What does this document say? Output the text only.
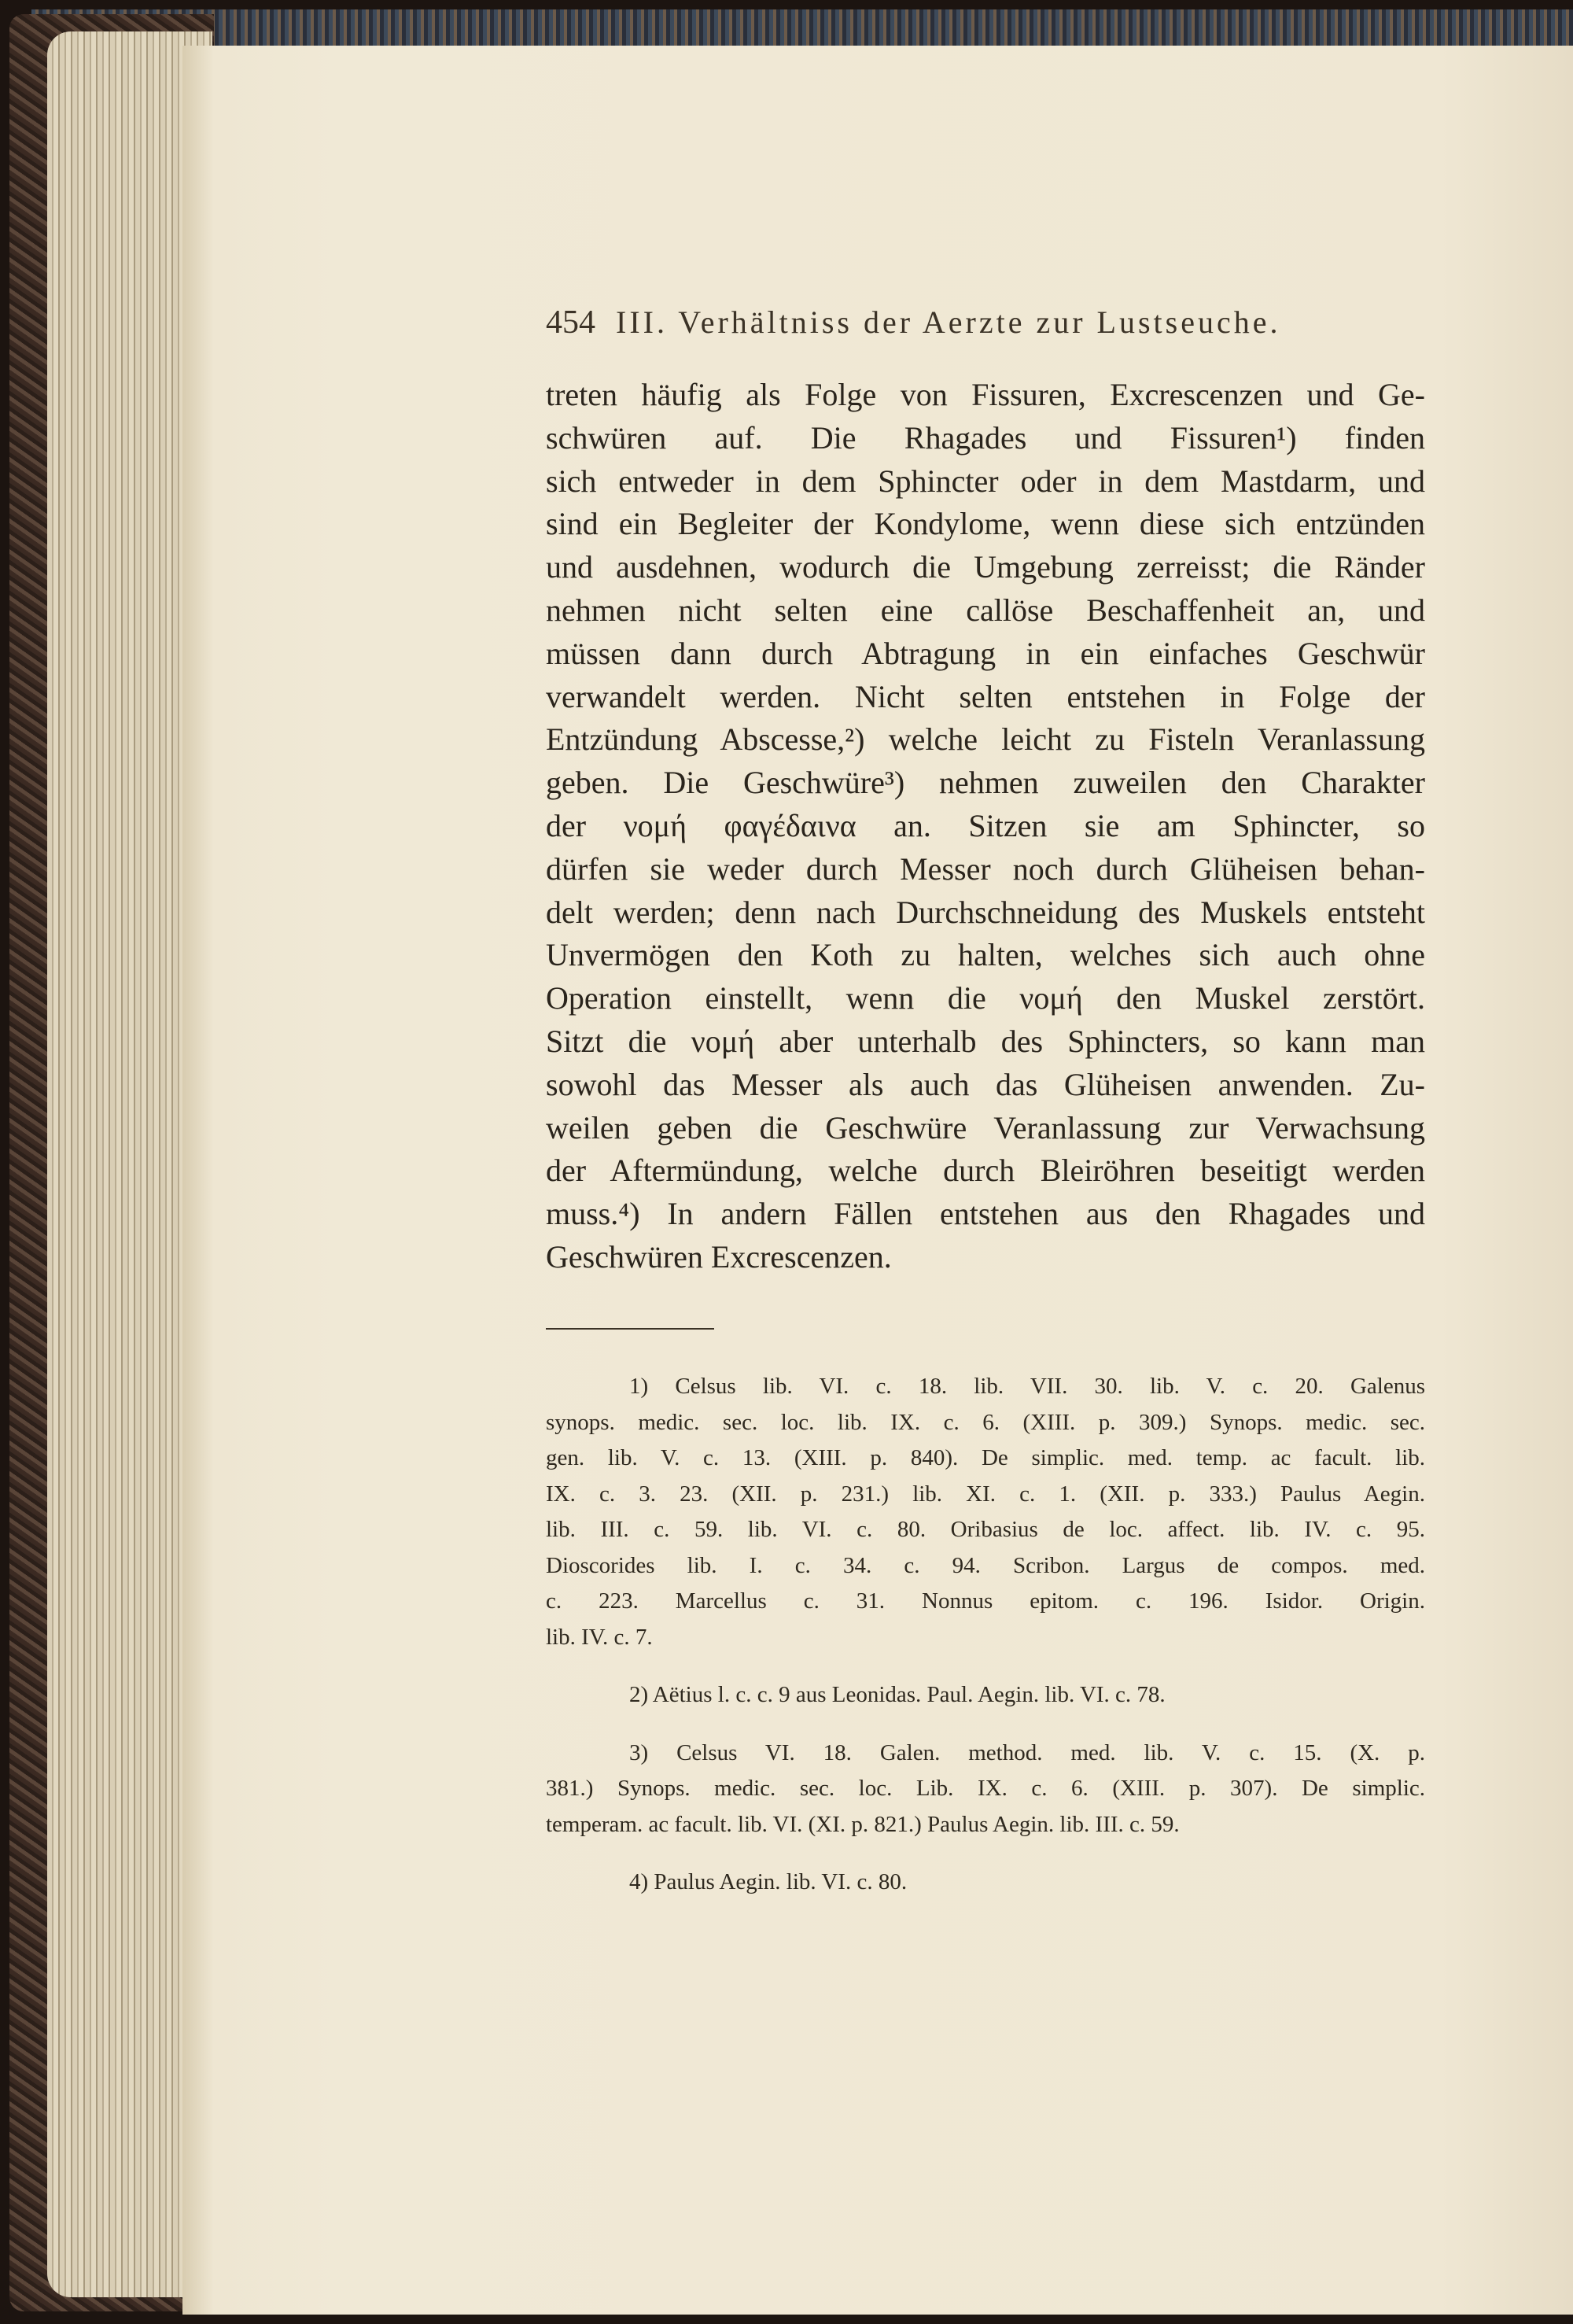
454 III. Verhältniss der Aerzte zur Lustseuche.
treten häufig als Folge von Fissuren, Excrescenzen und Ge-
schwüren auf. Die Rhagades und Fissuren¹) finden
sich entweder in dem Sphincter oder in dem Mastdarm, und
sind ein Begleiter der Kondylome, wenn diese sich entzünden
und ausdehnen, wodurch die Umgebung zerreisst; die Ränder
nehmen nicht selten eine callöse Beschaffenheit an, und
müssen dann durch Abtragung in ein einfaches Geschwür
verwandelt werden. Nicht selten entstehen in Folge der
Entzündung Abscesse,²) welche leicht zu Fisteln Veranlassung
geben. Die Geschwüre³) nehmen zuweilen den Charakter
der νομή φαγέδαινα an. Sitzen sie am Sphincter, so
dürfen sie weder durch Messer noch durch Glüheisen behan-
delt werden; denn nach Durchschneidung des Muskels entsteht
Unvermögen den Koth zu halten, welches sich auch ohne
Operation einstellt, wenn die νομή den Muskel zerstört.
Sitzt die νομή aber unterhalb des Sphincters, so kann man
sowohl das Messer als auch das Glüheisen anwenden. Zu-
weilen geben die Geschwüre Veranlassung zur Verwachsung
der Aftermündung, welche durch Bleiröhren beseitigt werden
muss.⁴) In andern Fällen entstehen aus den Rhagades und
Geschwüren Excrescenzen.
1) Celsus lib. VI. c. 18. lib. VII. 30. lib. V. c. 20. Galenus
synops. medic. sec. loc. lib. IX. c. 6. (XIII. p. 309.) Synops. medic. sec.
gen. lib. V. c. 13. (XIII. p. 840). De simplic. med. temp. ac facult. lib.
IX. c. 3. 23. (XII. p. 231.) lib. XI. c. 1. (XII. p. 333.) Paulus Aegin.
lib. III. c. 59. lib. VI. c. 80. Oribasius de loc. affect. lib. IV. c. 95.
Dioscorides lib. I. c. 34. c. 94. Scribon. Largus de compos. med.
c. 223. Marcellus c. 31. Nonnus epitom. c. 196. Isidor. Origin.
lib. IV. c. 7.
2) Aëtius l. c. c. 9 aus Leonidas. Paul. Aegin. lib. VI. c. 78.
3) Celsus VI. 18. Galen. method. med. lib. V. c. 15. (X. p.
381.) Synops. medic. sec. loc. Lib. IX. c. 6. (XIII. p. 307). De simplic.
temperam. ac facult. lib. VI. (XI. p. 821.) Paulus Aegin. lib. III. c. 59.
4) Paulus Aegin. lib. VI. c. 80.
